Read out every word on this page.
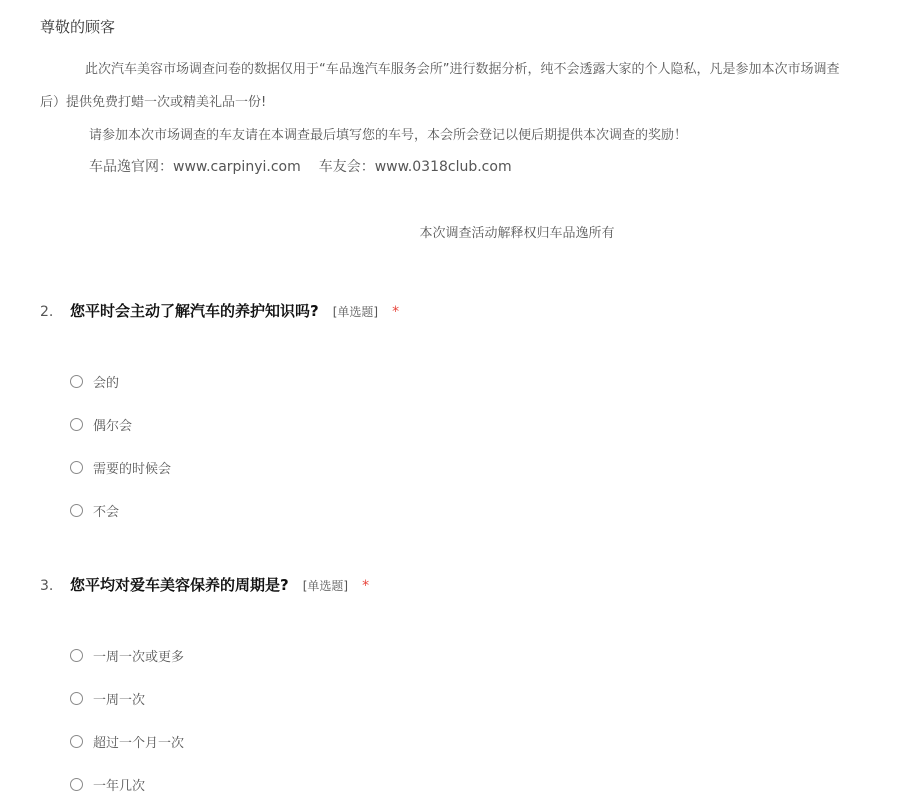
尊敬的顾客
此次汽车美容市场调查问卷的数据仅用于“车品逸汽车服务会所”进行数据分析，纯不会透露大家的个人隐私，凡是参加本次市场调查
后）提供免费打蜡一次或精美礼品一份!
请参加本次市场调查的车友请在本调查最后填写您的车号，本会所会登记以便后期提供本次调查的奖励！
车品逸官网：www.carpinyi.com 车友会：www.0318club.com
本次调查活动解释权归车品逸所有
2.	您平时会主动了解汽车的养护知识吗? [单选题] *
会的
偶尔会
需要的时候会
不会
3.	您平均对爱车美容保养的周期是? [单选题] *
一周一次或更多
一周一次
超过一个月一次
一年几次
